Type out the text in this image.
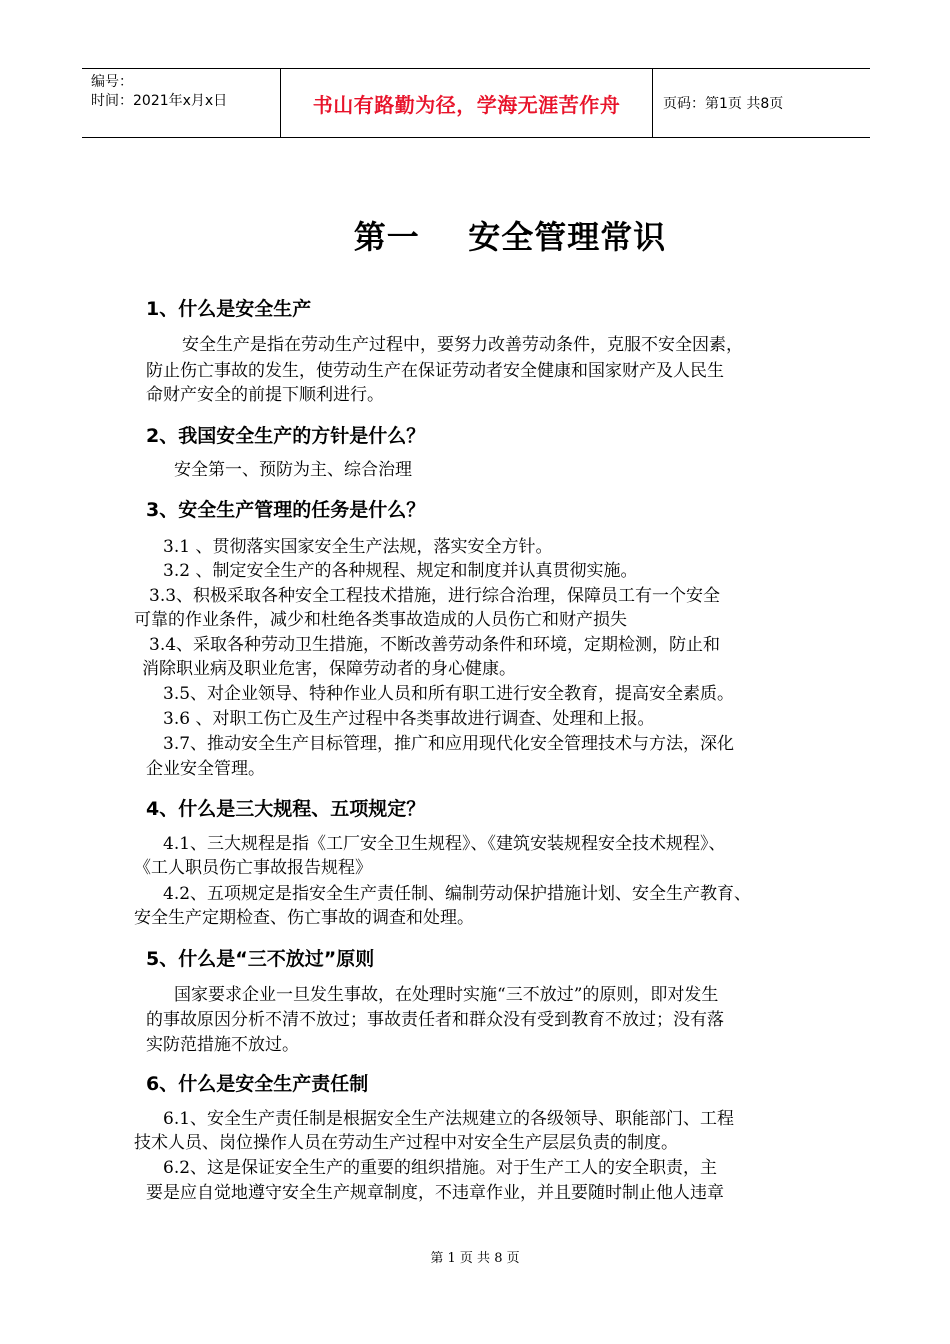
编号：
时间：2021年x月x日	书山有路勤为径，学海无涯苦作舟	页码：第1页 共8页
第一    安全管理常识
1、什么是安全生产
安全生产是指在劳动生产过程中，要努力改善劳动条件，克服不安全因素，
防止伤亡事故的发生，使劳动生产在保证劳动者安全健康和国家财产及人民生
命财产安全的前提下顺利进行。
2、我国安全生产的方针是什么？
安全第一、预防为主、综合治理
3、安全生产管理的任务是什么？
3.1 、贯彻落实国家安全生产法规，落实安全方针。
3.2 、制定安全生产的各种规程、规定和制度并认真贯彻实施。
3.3、积极采取各种安全工程技术措施，进行综合治理，保障员工有一个安全
可靠的作业条件，减少和杜绝各类事故造成的人员伤亡和财产损失
3.4、采取各种劳动卫生措施，不断改善劳动条件和环境，定期检测，防止和
消除职业病及职业危害，保障劳动者的身心健康。
3.5、对企业领导、特种作业人员和所有职工进行安全教育，提高安全素质。
3.6 、对职工伤亡及生产过程中各类事故进行调查、处理和上报。
3.7、推动安全生产目标管理，推广和应用现代化安全管理技术与方法，深化
企业安全管理。
4、什么是三大规程、五项规定？
4.1、三大规程是指《工厂安全卫生规程》、《建筑安装规程安全技术规程》、
《工人职员伤亡事故报告规程》
4.2、五项规定是指安全生产责任制、编制劳动保护措施计划、安全生产教育、
安全生产定期检查、伤亡事故的调查和处理。
5、什么是“三不放过”原则
国家要求企业一旦发生事故，在处理时实施“三不放过”的原则，即对发生
的事故原因分析不清不放过；事故责任者和群众没有受到教育不放过；没有落
实防范措施不放过。
6、什么是安全生产责任制
6.1、安全生产责任制是根据安全生产法规建立的各级领导、职能部门、工程
技术人员、岗位操作人员在劳动生产过程中对安全生产层层负责的制度。
6.2、这是保证安全生产的重要的组织措施。对于生产工人的安全职责，主
要是应自觉地遵守安全生产规章制度，不违章作业，并且要随时制止他人违章
第 1 页 共 8 页
